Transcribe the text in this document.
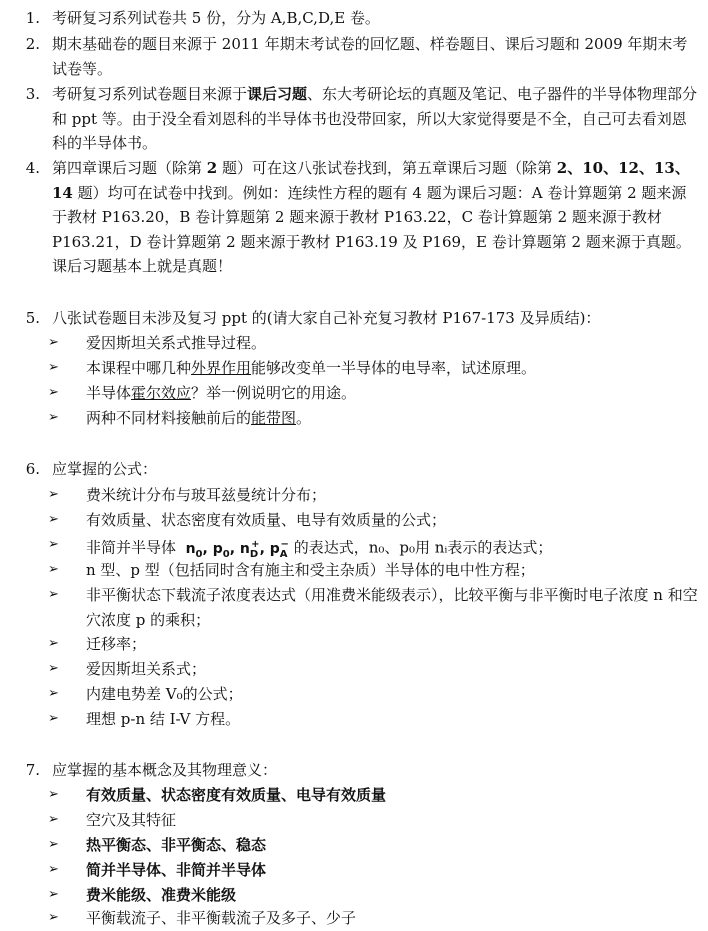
1. 考研复习系列试卷共 5 份，分为 A,B,C,D,E 卷。
2. 期末基础卷的题目来源于 2011 年期末考试卷的回忆题、样卷题目、课后习题和 2009 年期末考试卷等。
3. 考研复习系列试卷题目来源于课后习题、东大考研论坛的真题及笔记、电子器件的半导体物理部分和 ppt 等。由于没全看刘恩科的半导体书也没带回家，所以大家觉得要是不全，自己可去看刘恩科的半导体书。
4. 第四章课后习题（除第 2 题）可在这八张试卷找到，第五章课后习题（除第 2、10、12、13、14 题）均可在试卷中找到。例如：连续性方程的题有 4 题为课后习题：A 卷计算题第 2 题来源于教材 P163.20，B 卷计算题第 2 题来源于教材 P163.22，C 卷计算题第 2 题来源于教材 P163.21，D 卷计算题第 2 题来源于教材 P163.19 及 P169，E 卷计算题第 2 题来源于真题。课后习题基本上就是真题！
5. 八张试卷题目未涉及复习 ppt 的(请大家自己补充复习教材 P167-173 及异质结)：
➢ 爱因斯坦关系式推导过程。
➢ 本课程中哪几种外界作用能够改变单一半导体的电导率，试述原理。
➢ 半导体霍尔效应？举一例说明它的用途。
➢ 两种不同材料接触前后的能带图。
6. 应掌握的公式：
➢ 费米统计分布与玻耳兹曼统计分布；
➢ 有效质量、状态密度有效质量、电导有效质量的公式；
➢ 非简并半导体 $n_0$, $p_0$, $n_D^+$, $p_A^-$ 的表达式，n₀、p₀用 nᵢ表示的表达式；
➢ n 型、p 型（包括同时含有施主和受主杂质）半导体的电中性方程；
➢ 非平衡状态下载流子浓度表达式（用准费米能级表示），比较平衡与非平衡时电子浓度 n 和空穴浓度 p 的乘积；
➢ 迁移率；
➢ 爱因斯坦关系式；
➢ 内建电势差 V₀的公式；
➢ 理想 p-n 结 I-V 方程。
7. 应掌握的基本概念及其物理意义：
➢ 有效质量、状态密度有效质量、电导有效质量
➢ 空穴及其特征
➢ 热平衡态、非平衡态、稳态
➢ 简并半导体、非简并半导体
➢ 费米能级、准费米能级
➢ 平衡载流子、非平衡载流子及多子、少子
